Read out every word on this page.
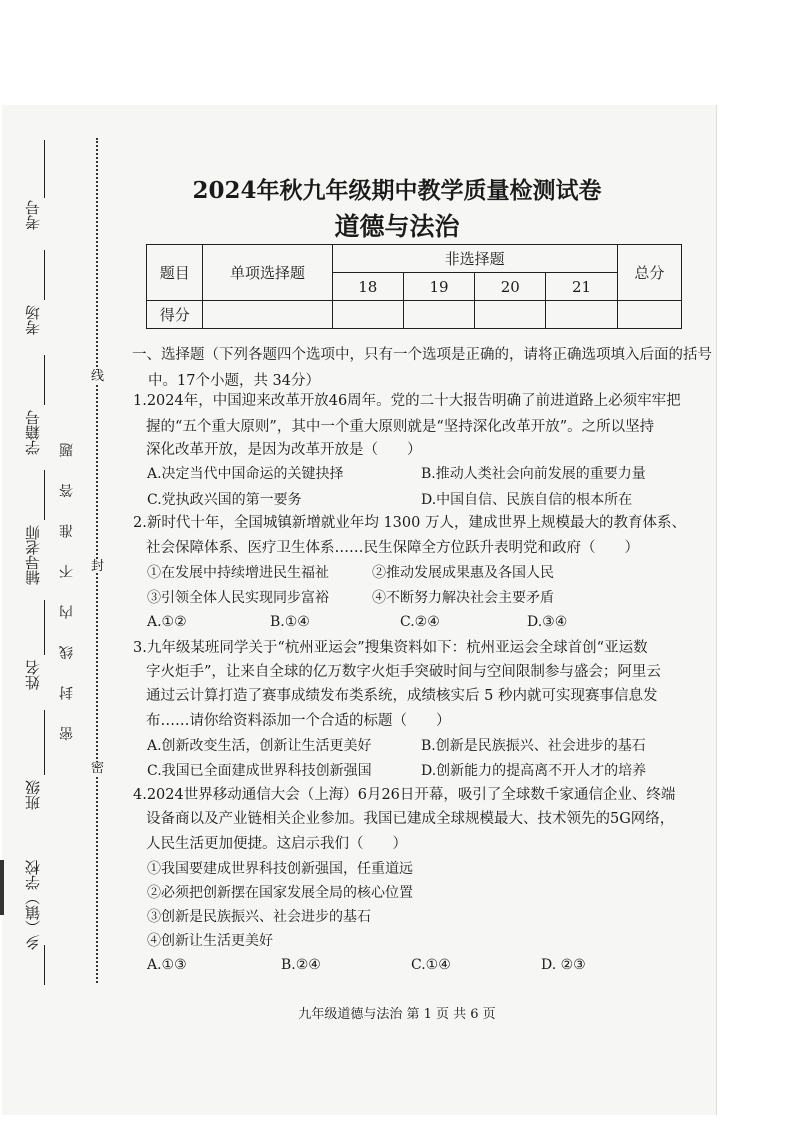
考号
考场
学籍号
辅导老师
姓名
班级
乡（镇）学校
密 封 线 内 不 准 答 题
线
封
密
2024年秋九年级期中教学质量检测试卷
道德与法治
题目	单项选择题	非选择题				总分
		18	19	20	21	
得分						
一、选择题（下列各题四个选项中，只有一个选项是正确的，请将正确选项填入后面的括号
中。17个小题，共 34分）
1.2024年，中国迎来改革开放46周年。党的二十大报告明确了前进道路上必须牢牢把
握的“五个重大原则”，其中一个重大原则就是“坚持深化改革开放”。之所以坚持
深化改革开放，是因为改革开放是（　　）
A.决定当代中国命运的关键抉择	B.推动人类社会向前发展的重要力量
C.党执政兴国的第一要务	D.中国自信、民族自信的根本所在
2.新时代十年，全国城镇新增就业年均 1300 万人，建成世界上规模最大的教育体系、
社会保障体系、医疗卫生体系……民生保障全方位跃升表明党和政府（　　）
①在发展中持续增进民生福祉	②推动发展成果惠及各国人民
③引领全体人民实现同步富裕	④不断努力解决社会主要矛盾
A.①②	B.①④	C.②④	D.③④
3.九年级某班同学关于“杭州亚运会”搜集资料如下：杭州亚运会全球首创“亚运数
字火炬手”，让来自全球的亿万数字火炬手突破时间与空间限制参与盛会；阿里云
通过云计算打造了赛事成绩发布类系统，成绩核实后 5 秒内就可实现赛事信息发
布……请你给资料添加一个合适的标题（　　）
A.创新改变生活，创新让生活更美好	B.创新是民族振兴、社会进步的基石
C.我国已全面建成世界科技创新强国	D.创新能力的提高离不开人才的培养
4.2024世界移动通信大会（上海）6月26日开幕，吸引了全球数千家通信企业、终端
设备商以及产业链相关企业参加。我国已建成全球规模最大、技术领先的5G网络，
人民生活更加便捷。这启示我们（　　）
①我国要建成世界科技创新强国，任重道远
②必须把创新摆在国家发展全局的核心位置
③创新是民族振兴、社会进步的基石
④创新让生活更美好
A.①③	B.②④	C.①④	D. ②③
九年级道德与法治 第 1 页 共 6 页
